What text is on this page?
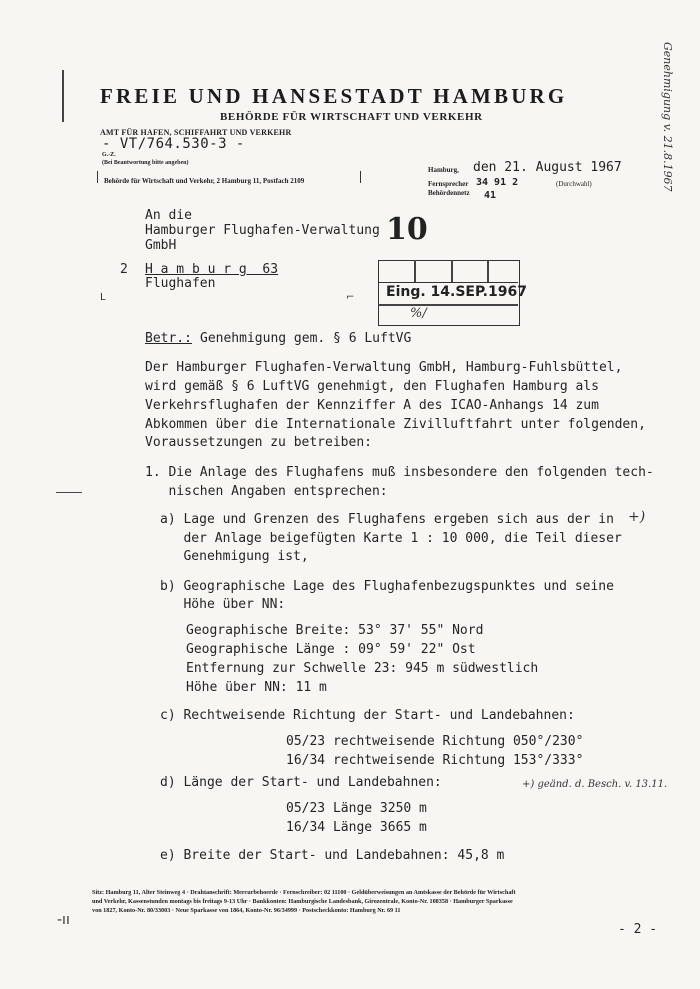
FREIE UND HANSESTADT HAMBURG
BEHÖRDE FÜR WIRTSCHAFT UND VERKEHR
AMT FÜR HAFEN, SCHIFFAHRT UND VERKEHR
- VT/764.530-3 -
G.-Z.
(Bei Beantwortung bitte angeben)
Behörde für Wirtschaft und Verkehr, 2 Hamburg 11, Postfach 2109
Hamburg, den 21. August 1967
Fernsprecher 34 91 2	(Durchwahl)
Behördennetz 41
Genehmigung v. 21.8.1967
An die
Hamburger Flughafen-Verwaltung
GmbH
2 H a m b u r g  63
Flughafen
L	⌐
10
Eing. 14.SEP.1967
%/
Betr.: Genehmigung gem. § 6 LuftVG
Der Hamburger Flughafen-Verwaltung GmbH, Hamburg-Fuhlsbüttel,
wird gemäß § 6 LuftVG genehmigt, den Flughafen Hamburg als
Verkehrsflughafen der Kennziffer A des ICAO-Anhangs 14 zum
Abkommen über die Internationale Zivilluftfahrt unter folgenden,
Voraussetzungen zu betreiben:
1. Die Anlage des Flughafens muß insbesondere den folgenden tech-
nischen Angaben entsprechen:
a) Lage und Grenzen des Flughafens ergeben sich aus der in +)
der Anlage beigefügten Karte 1 : 10 000, die Teil dieser
Genehmigung ist,
b) Geographische Lage des Flughafenbezugspunktes und seine
Höhe über NN:
Geographische Breite: 53° 37' 55" Nord
Geographische Länge : 09° 59' 22" Ost
Entfernung zur Schwelle 23: 945 m südwestlich
Höhe über NN: 11 m
c) Rechtweisende Richtung der Start- und Landebahnen:
05/23 rechtweisende Richtung 050°/230°
16/34 rechtweisende Richtung 153°/333°
d) Länge der Start- und Landebahnen:	+) geänd. d. Besch. v. 13.11.
05/23 Länge 3250 m
16/34 Länge 3665 m
e) Breite der Start- und Landebahnen: 45,8 m
Sitz: Hamburg 11, Alter Steinweg 4 · Drahtanschrift: Mercurbehoerde · Fernschreiber: 02 11100 · Geldüberweisungen an Amtskasse der Behörde für Wirtschaft
und Verkehr, Kassenstunden montags bis freitags 9-13 Uhr · Bankkonten: Hamburgische Landesbank, Girozentrale, Konto-Nr. 108358 · Hamburger Sparkasse
von 1827, Konto-Nr. 80/33003 · Neue Sparkasse von 1864, Konto-Nr. 96/34999 · Postscheckkonto: Hamburg Nr. 69 11
-ıı
- 2 -
